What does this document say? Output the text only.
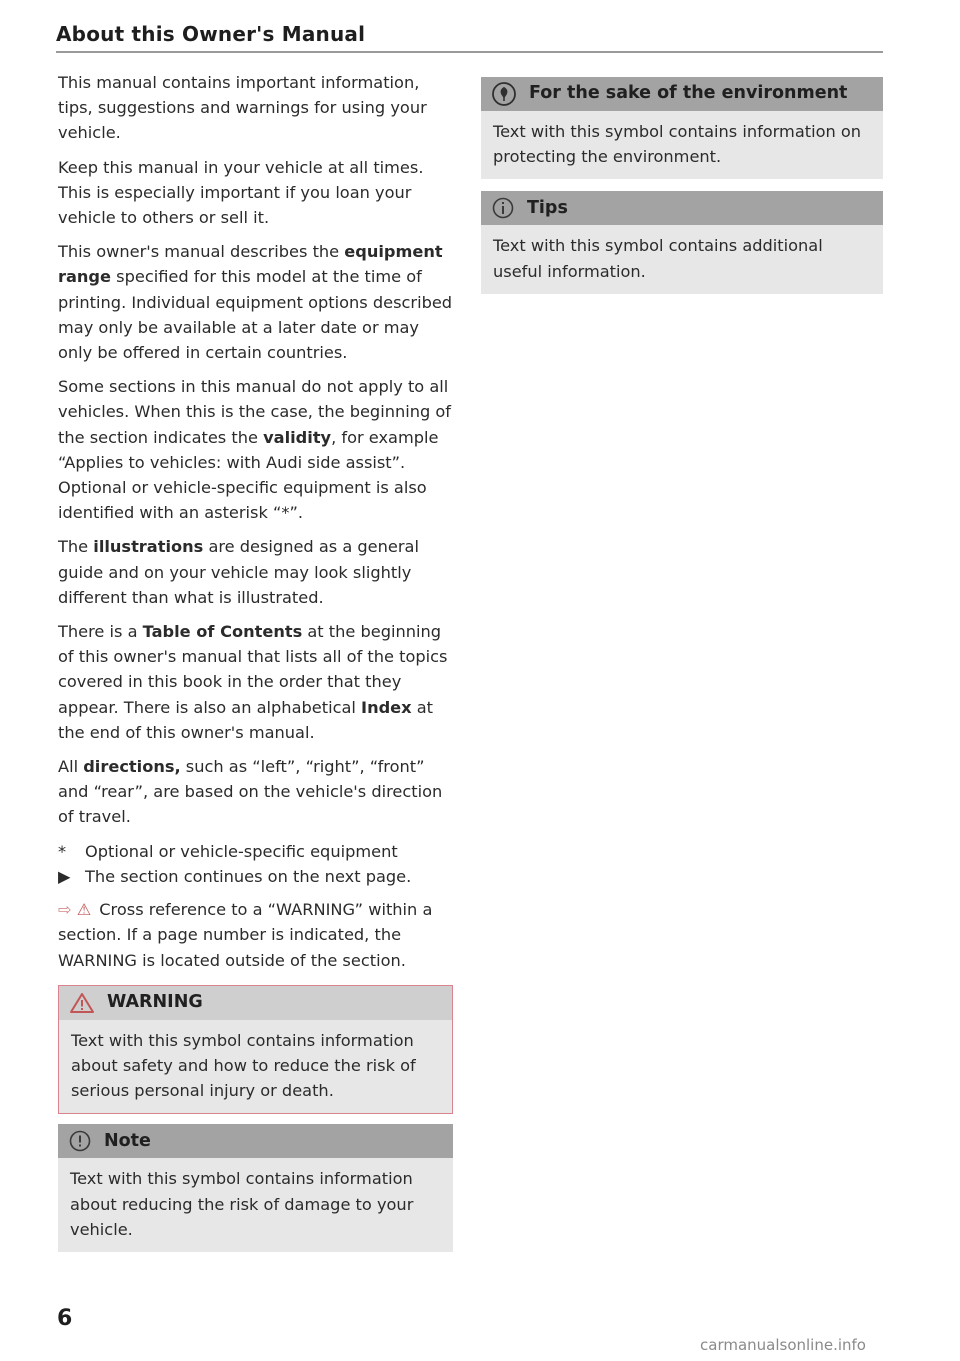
About this Owner's Manual

This manual contains important information, tips, suggestions and warnings for using your vehicle.

Keep this manual in your vehicle at all times. This is especially important if you loan your vehicle to others or sell it.

This owner's manual describes the equipment range specified for this model at the time of printing. Individual equipment options described may only be available at a later date or may only be offered in certain countries.

Some sections in this manual do not apply to all vehicles. When this is the case, the beginning of the section indicates the validity, for example “Applies to vehicles: with Audi side assist”. Optional or vehicle-specific equipment is also identified with an asterisk “*”.

The illustrations are designed as a general guide and on your vehicle may look slightly different than what is illustrated.

There is a Table of Contents at the beginning of this owner's manual that lists all of the topics covered in this book in the order that they appear. There is also an alphabetical Index at the end of this owner's manual.

All directions, such as “left”, “right”, “front” and “rear”, are based on the vehicle's direction of travel.

*	Optional or vehicle-specific equipment
▶ The section continues on the next page.

⇨ ⚠ Cross reference to a “WARNING” within a section. If a page number is indicated, the WARNING is located outside of the section.

WARNING
Text with this symbol contains information about safety and how to reduce the risk of serious personal injury or death.
Note
Text with this symbol contains information about reducing the risk of damage to your vehicle.
For the sake of the environment
Text with this symbol contains information on protecting the environment.
Tips
Text with this symbol contains additional useful information.
6
carmanualsonline.info
